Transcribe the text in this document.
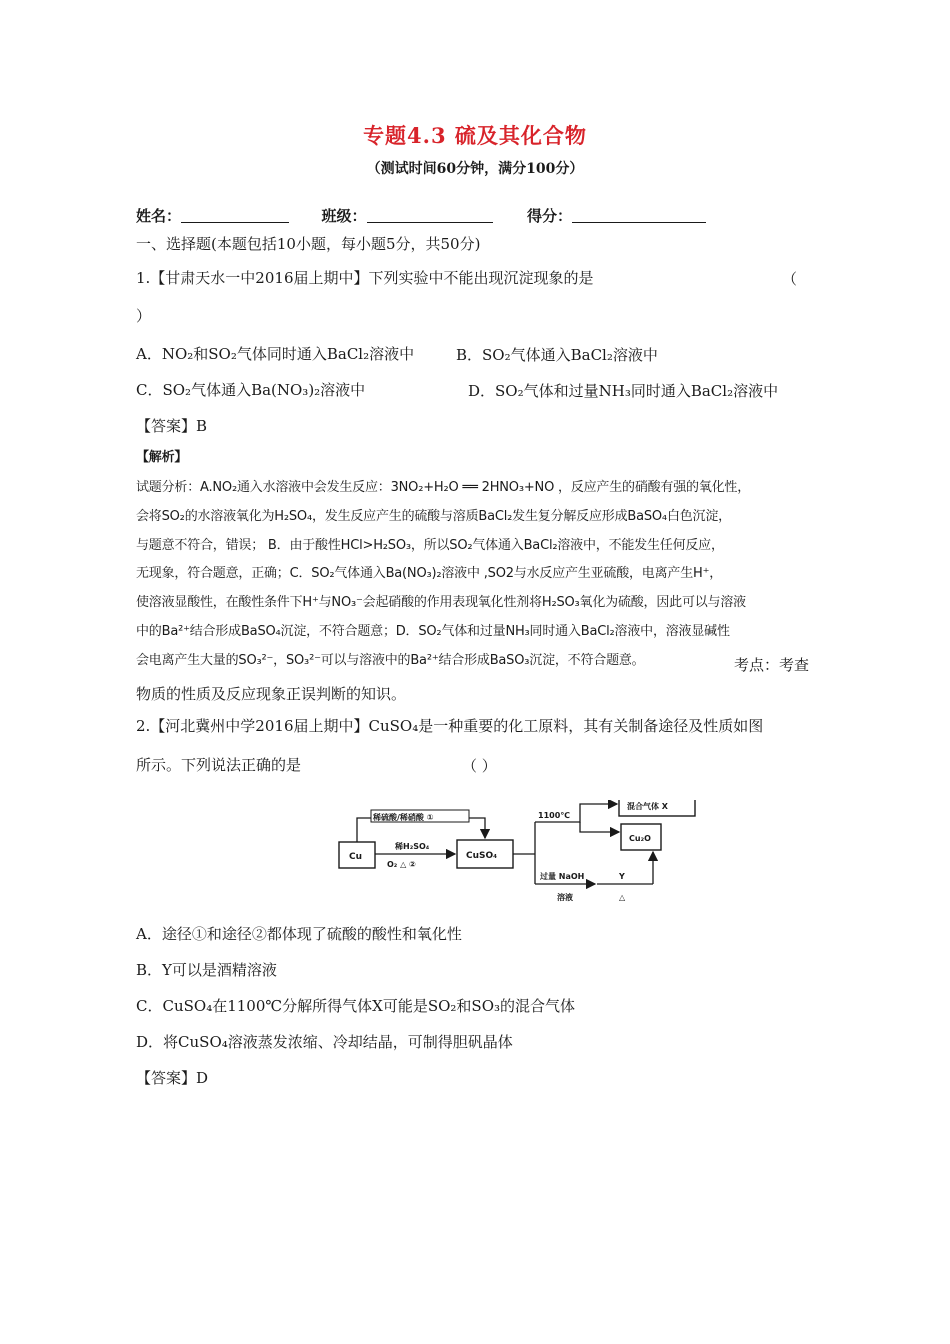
专题4.3 硫及其化合物
（测试时间60分钟，满分100分）
姓名：	班级：	得分：
一、选择题(本题包括10小题，每小题5分，共50分)
1.【甘肃天水一中2016届上期中】下列实验中不能出现沉淀现象的是	（
）
A．NO₂和SO₂气体同时通入BaCl₂溶液中	B．SO₂气体通入BaCl₂溶液中
C．SO₂气体通入Ba(NO₃)₂溶液中	D．SO₂气体和过量NH₃同时通入BaCl₂溶液中
【答案】B
【解析】
试题分析：A.NO₂通入水溶液中会发生反应：3NO₂+H₂O ══ 2HNO₃+NO ，反应产生的硝酸有强的氧化性，
会将SO₂的水溶液氧化为H₂SO₄，发生反应产生的硫酸与溶质BaCl₂发生复分解反应形成BaSO₄白色沉淀，
与题意不符合，错误； B．由于酸性HCl>H₂SO₃，所以SO₂气体通入BaCl₂溶液中，不能发生任何反应，
无现象，符合题意，正确；C．SO₂气体通入Ba(NO₃)₂溶液中 ,SO2与水反应产生亚硫酸，电离产生H⁺，
使溶液显酸性，在酸性条件下H⁺与NO₃⁻会起硝酸的作用表现氧化性剂将H₂SO₃氧化为硫酸，因此可以与溶液
中的Ba²⁺结合形成BaSO₄沉淀，不符合题意；D．SO₂气体和过量NH₃同时通入BaCl₂溶液中，溶液显碱性
会电离产生大量的SO₃²⁻，SO₃²⁻可以与溶液中的Ba²⁺结合形成BaSO₃沉淀，不符合题意。	考点：考查
物质的性质及反应现象正误判断的知识。
2.【河北冀州中学2016届上期中】CuSO₄是一种重要的化工原料，其有关制备途径及性质如图
所示。下列说法正确的是	（ ）
Cu	CuSO₄
稀硫酸/稀硝酸 ①
稀H₂SO₄
O₂ △ ②
1100℃
混合气体 X
Cu₂O
过量 NaOH
溶液
Y
△
A．途径①和途径②都体现了硫酸的酸性和氧化性
B．Y可以是酒精溶液
C．CuSO₄在1100℃分解所得气体X可能是SO₂和SO₃的混合气体
D．将CuSO₄溶液蒸发浓缩、冷却结晶，可制得胆矾晶体
【答案】D
